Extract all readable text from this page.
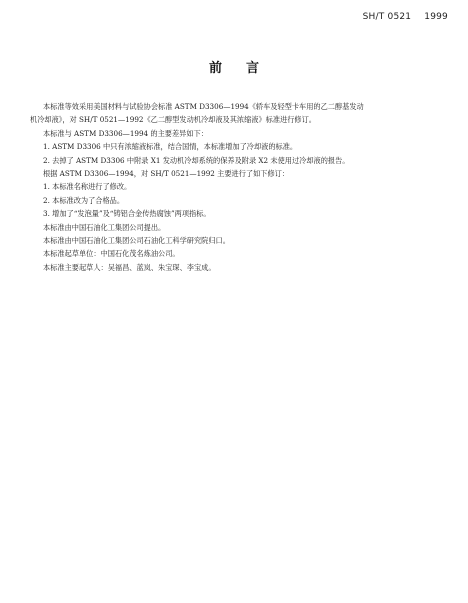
SH/T 0521 1999
前言

本标准等效采用美国材料与试验协会标准 ASTM D3306—1994《轿车及轻型卡车用的乙二醇基发动

机冷却液》，对 SH/T 0521—1992《乙二醇型发动机冷却液及其浓缩液》标准进行修订。

本标准与 ASTM D3306—1994 的主要差异如下：

1. ASTM D3306 中只有浓缩液标准，结合国情，本标准增加了冷却液的标准。

2. 去掉了 ASTM D3306 中附录 X1 发动机冷却系统的保养及附录 X2 未使用过冷却液的报告。

根据 ASTM D3306—1994，对 SH/T 0521—1992 主要进行了如下修订：

1. 本标准名称进行了修改。

2. 本标准改为了合格品。

3. 增加了“发泡量”及“铸铝合金传热腐蚀”两项指标。

本标准由中国石油化工集团公司提出。

本标准由中国石油化工集团公司石油化工科学研究院归口。

本标准起草单位：中国石化茂名炼油公司。

本标准主要起草人：吴福昌、蓝岚、朱宝琛、李宝成。
